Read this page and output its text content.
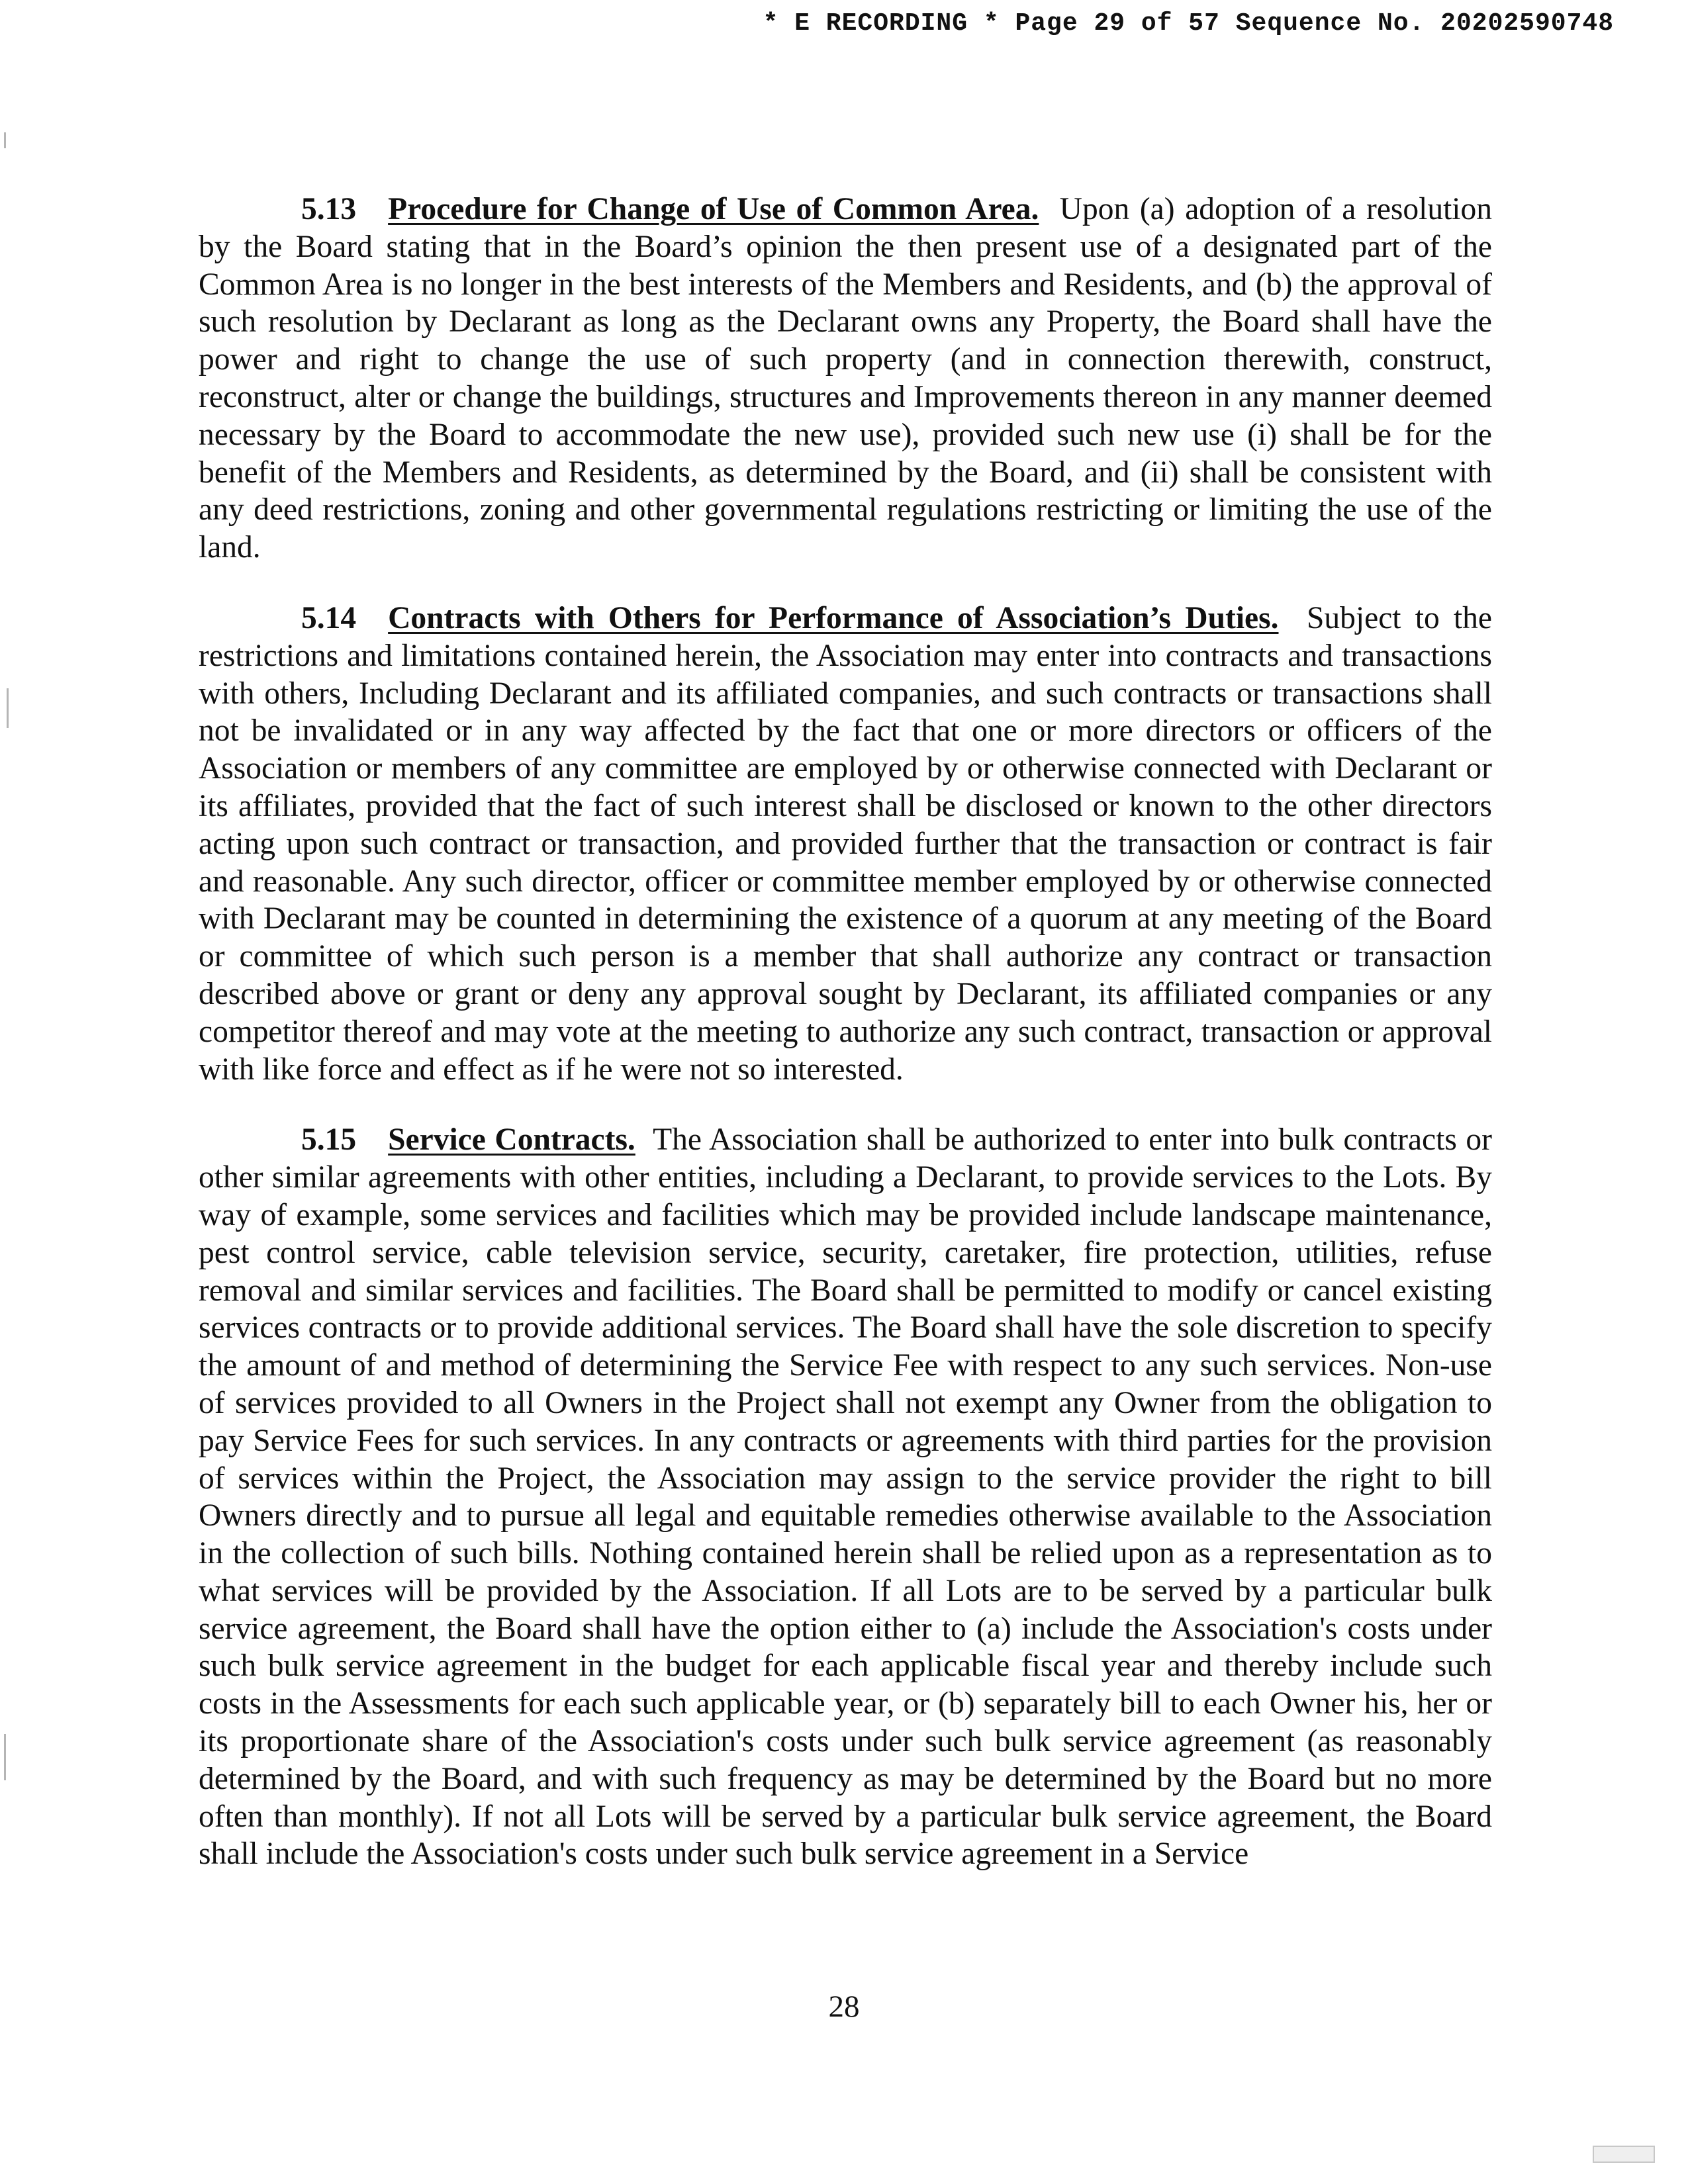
* E RECORDING * Page 29 of 57 Sequence No. 20202590748

5.13 Procedure for Change of Use of Common Area. Upon (a) adoption of a resolution by the Board stating that in the Board’s opinion the then present use of a designated part of the Common Area is no longer in the best interests of the Members and Residents, and (b) the approval of such resolution by Declarant as long as the Declarant owns any Property, the Board shall have the power and right to change the use of such property (and in connection therewith, construct, reconstruct, alter or change the buildings, structures and Improvements thereon in any manner deemed necessary by the Board to accommodate the new use), provided such new use (i) shall be for the benefit of the Members and Residents, as determined by the Board, and (ii) shall be consistent with any deed restrictions, zoning and other governmental regulations restricting or limiting the use of the land.

5.14 Contracts with Others for Performance of Association’s Duties. Subject to the restrictions and limitations contained herein, the Association may enter into contracts and transactions with others, Including Declarant and its affiliated companies, and such contracts or transactions shall not be invalidated or in any way affected by the fact that one or more directors or officers of the Association or members of any committee are employed by or otherwise connected with Declarant or its affiliates, provided that the fact of such interest shall be disclosed or known to the other directors acting upon such contract or transaction, and provided further that the transaction or contract is fair and reasonable. Any such director, officer or committee member employed by or otherwise connected with Declarant may be counted in determining the existence of a quorum at any meeting of the Board or committee of which such person is a member that shall authorize any contract or transaction described above or grant or deny any approval sought by Declarant, its affiliated companies or any competitor thereof and may vote at the meeting to authorize any such contract, transaction or approval with like force and effect as if he were not so interested.

5.15 Service Contracts. The Association shall be authorized to enter into bulk contracts or other similar agreements with other entities, including a Declarant, to provide services to the Lots. By way of example, some services and facilities which may be provided include landscape maintenance, pest control service, cable television service, security, caretaker, fire protection, utilities, refuse removal and similar services and facilities. The Board shall be permitted to modify or cancel existing services contracts or to provide additional services. The Board shall have the sole discretion to specify the amount of and method of determining the Service Fee with respect to any such services. Non-use of services provided to all Owners in the Project shall not exempt any Owner from the obligation to pay Service Fees for such services. In any contracts or agreements with third parties for the provision of services within the Project, the Association may assign to the service provider the right to bill Owners directly and to pursue all legal and equitable remedies otherwise available to the Association in the collection of such bills. Nothing contained herein shall be relied upon as a representation as to what services will be provided by the Association. If all Lots are to be served by a particular bulk service agreement, the Board shall have the option either to (a) include the Association's costs under such bulk service agreement in the budget for each applicable fiscal year and thereby include such costs in the Assessments for each such applicable year, or (b) separately bill to each Owner his, her or its proportionate share of the Association's costs under such bulk service agreement (as reasonably determined by the Board, and with such frequency as may be determined by the Board but no more often than monthly). If not all Lots will be served by a particular bulk service agreement, the Board shall include the Association's costs under such bulk service agreement in a Service

28
